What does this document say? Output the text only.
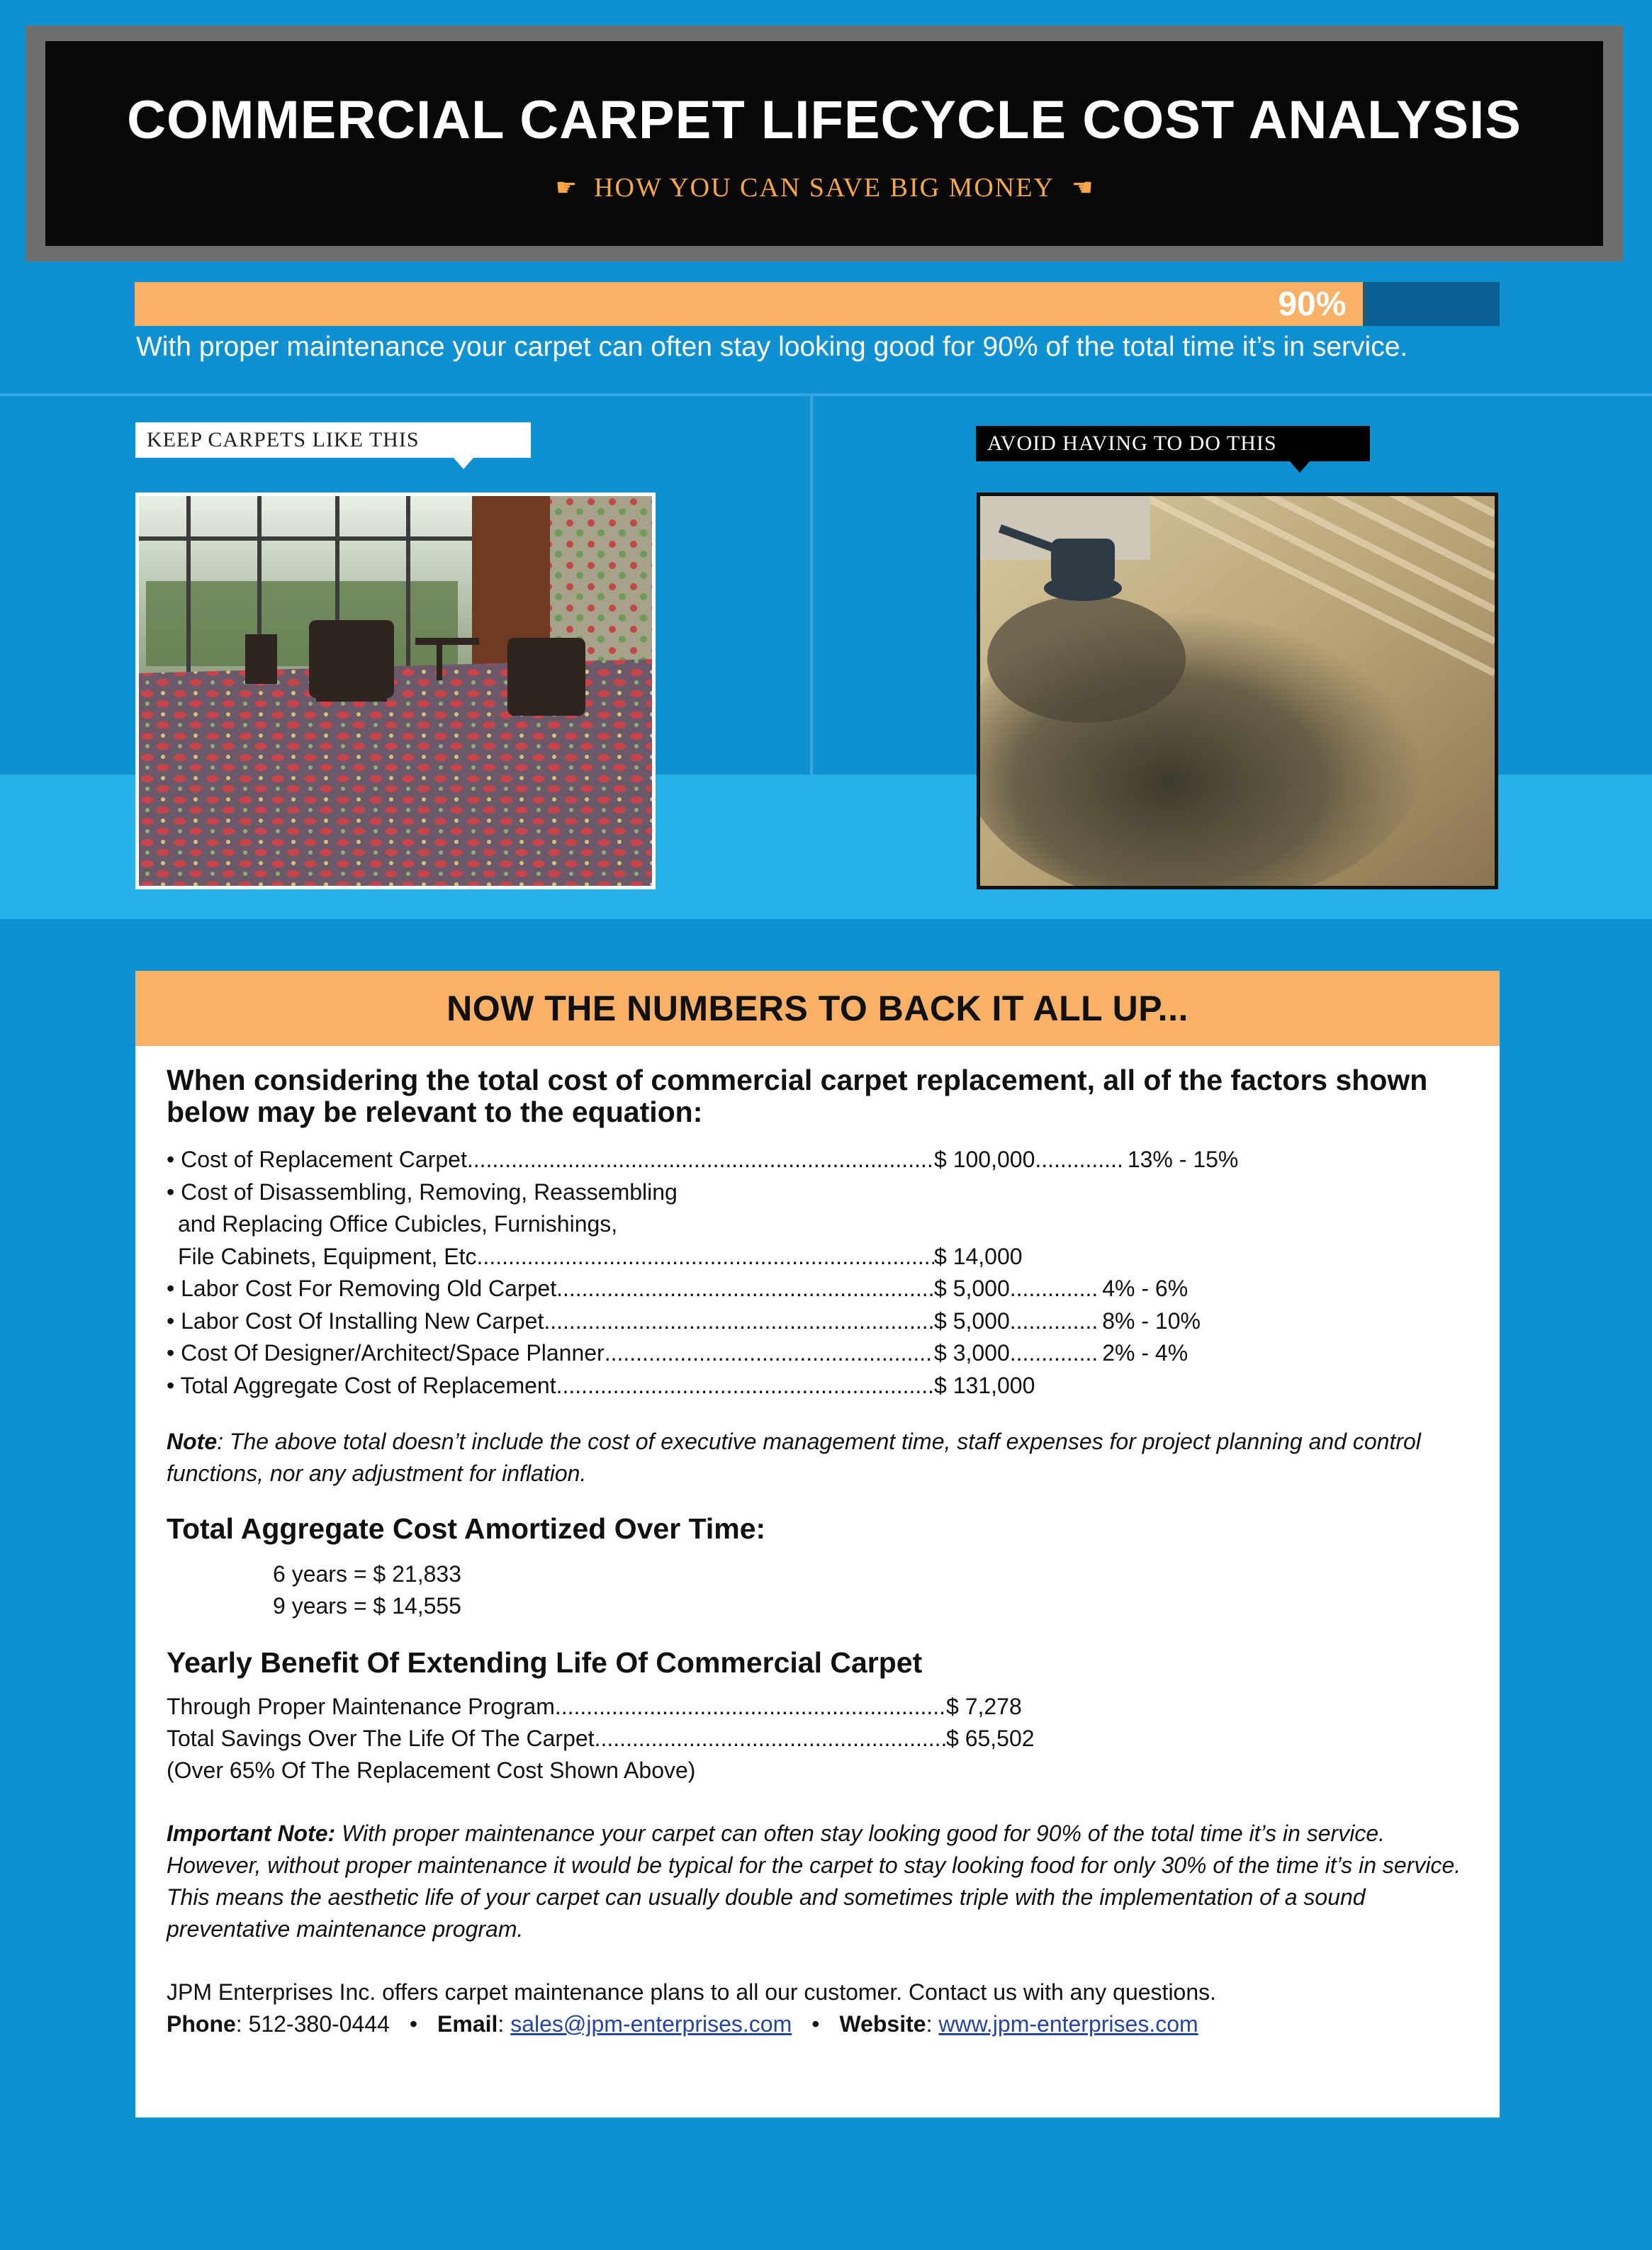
COMMERCIAL CARPET LIFECYCLE COST ANALYSIS
☛ HOW YOU CAN SAVE BIG MONEY ☛
90%
With proper maintenance your carpet can often stay looking good for 90% of the total time it’s in service.
KEEP CARPETS LIKE THIS	AVOID HAVING TO DO THIS
NOW THE NUMBERS TO BACK IT ALL UP...

When considering the total cost of commercial carpet replacement, all of the factors shown below may be relevant to the equation:

• Cost of Replacement Carpet .....	$ 100,000 .....	13% - 15%
• Cost of Disassembling, Removing, Reassembling
and Replacing Office Cubicles, Furnishings,
File Cabinets, Equipment, Etc .....	$ 14,000
• Labor Cost For Removing Old Carpet .....	$ 5,000 .....	4% - 6%
• Labor Cost Of Installing New Carpet .....	$ 5,000 .....	8% - 10%
• Cost Of Designer/Architect/Space Planner .....	$ 3,000 .....	2% - 4%
• Total Aggregate Cost of Replacement .....	$ 131,000
Note: The above total doesn’t include the cost of executive management time, staff expenses for project planning and control functions, nor any adjustment for inflation.
Total Aggregate Cost Amortized Over Time:
6 years = $ 21,833
9 years = $ 14,555
Yearly Benefit Of Extending Life Of Commercial Carpet
Through Proper Maintenance Program .....	$ 7,278
Total Savings Over The Life Of The Carpet .....	$ 65,502
(Over 65% Of The Replacement Cost Shown Above)
Important Note: With proper maintenance your carpet can often stay looking good for 90% of the total time it’s in service. However, without proper maintenance it would be typical for the carpet to stay looking food for only 30% of the time it’s in service. This means the aesthetic life of your carpet can usually double and sometimes triple with the implementation of a sound preventative maintenance program.
JPM Enterprises Inc. offers carpet maintenance plans to all our customer. Contact us with any questions.
Phone: 512-380-0444 • Email: sales@jpm-enterprises.com • Website: www.jpm-enterprises.com
